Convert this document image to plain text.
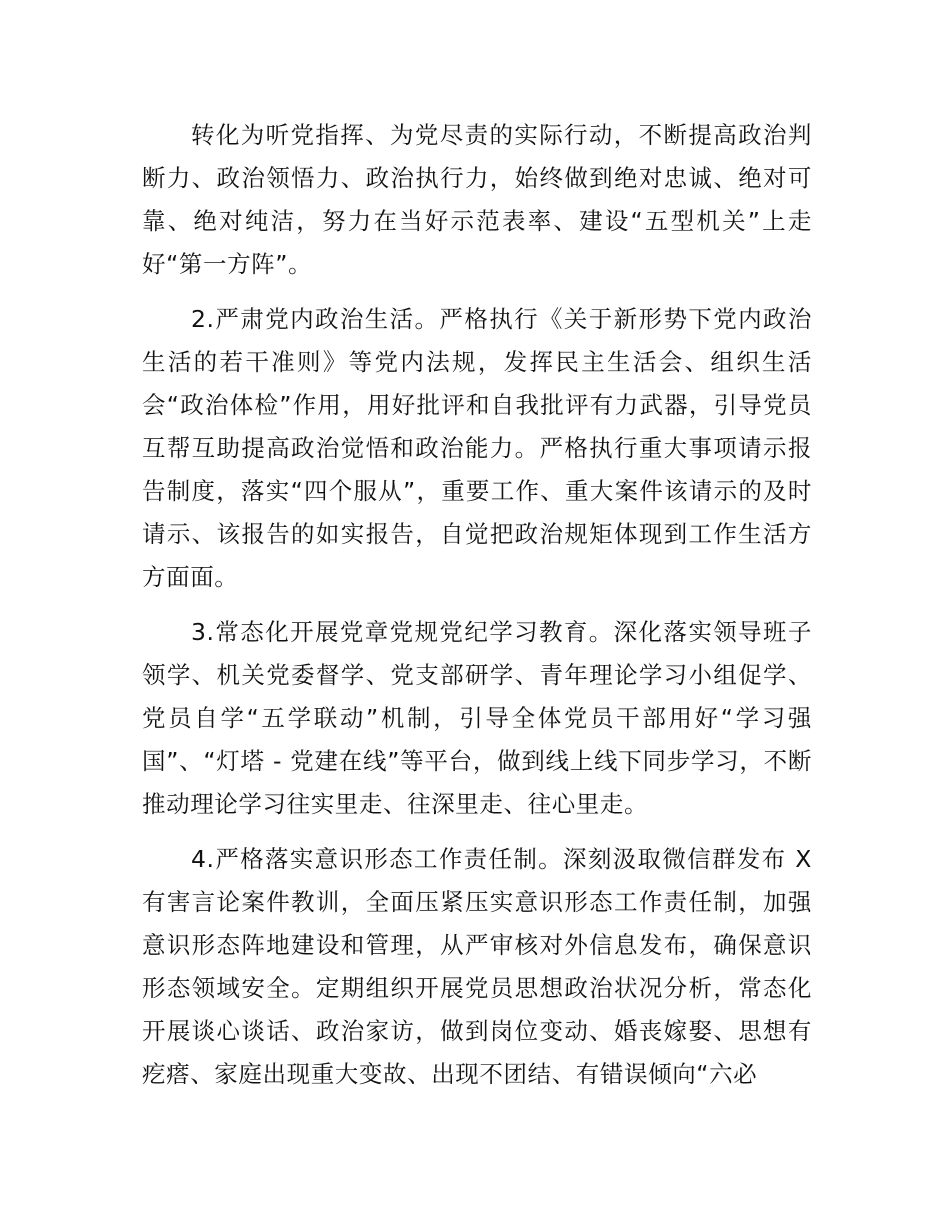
转化为听党指挥、为党尽责的实际行动，不断提高政治判断力、政治领悟力、政治执行力，始终做到绝对忠诚、绝对可靠、绝对纯洁，努力在当好示范表率、建设“五型机关”上走好“第一方阵”。

2.严肃党内政治生活。严格执行《关于新形势下党内政治生活的若干准则》等党内法规，发挥民主生活会、组织生活会“政治体检”作用，用好批评和自我批评有力武器，引导党员互帮互助提高政治觉悟和政治能力。严格执行重大事项请示报告制度，落实“四个服从”，重要工作、重大案件该请示的及时请示、该报告的如实报告，自觉把政治规矩体现到工作生活方方面面。

3.常态化开展党章党规党纪学习教育。深化落实领导班子领学、机关党委督学、党支部研学、青年理论学习小组促学、党员自学“五学联动”机制，引导全体党员干部用好“学习强国”、“灯塔 - 党建在线”等平台，做到线上线下同步学习，不断推动理论学习往实里走、往深里走、往心里走。

4.严格落实意识形态工作责任制。深刻汲取微信群发布 X 有害言论案件教训，全面压紧压实意识形态工作责任制，加强意识形态阵地建设和管理，从严审核对外信息发布，确保意识形态领域安全。定期组织开展党员思想政治状况分析，常态化开展谈心谈话、政治家访，做到岗位变动、婚丧嫁娶、思想有疙瘩、家庭出现重大变故、出现不团结、有错误倾向“六必
